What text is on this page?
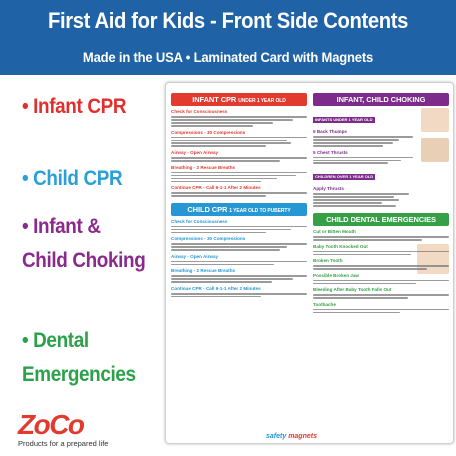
First Aid for Kids - Front Side Contents
Made in the USA • Laminated Card with Magnets
• Infant CPR
• Child CPR
• Infant & Child Choking
• Dental Emergencies
INFANT CPR UNDER 1 YEAR OLD
Check for Consciousness
Compressions - 30 Compressions
Airway - Open Airway
Breathing - 2 Rescue Breaths
Continue CPR - Call 9-1-1 After 2 Minutes
CHILD CPR 1 YEAR OLD TO PUBERTY
Check for Consciousness
Compressions - 30 Compressions
Airway - Open Airway
Breathing - 2 Rescue Breaths
Continue CPR - Call 9-1-1 After 2 Minutes
INFANT, CHILD CHOKING
INFANTS UNDER 1 YEAR OLD
5 Back Thumps
5 Chest Thrusts
CHILDREN OVER 1 YEAR OLD
Apply Thrusts
CHILD DENTAL EMERGENCIES
Cut or Bitten Mouth
Baby Tooth Knocked Out
Broken Tooth
Possible Broken Jaw
Bleeding After Baby Tooth Falls Out
Toothache
safety magnets
ZoCo
Products for a prepared life
